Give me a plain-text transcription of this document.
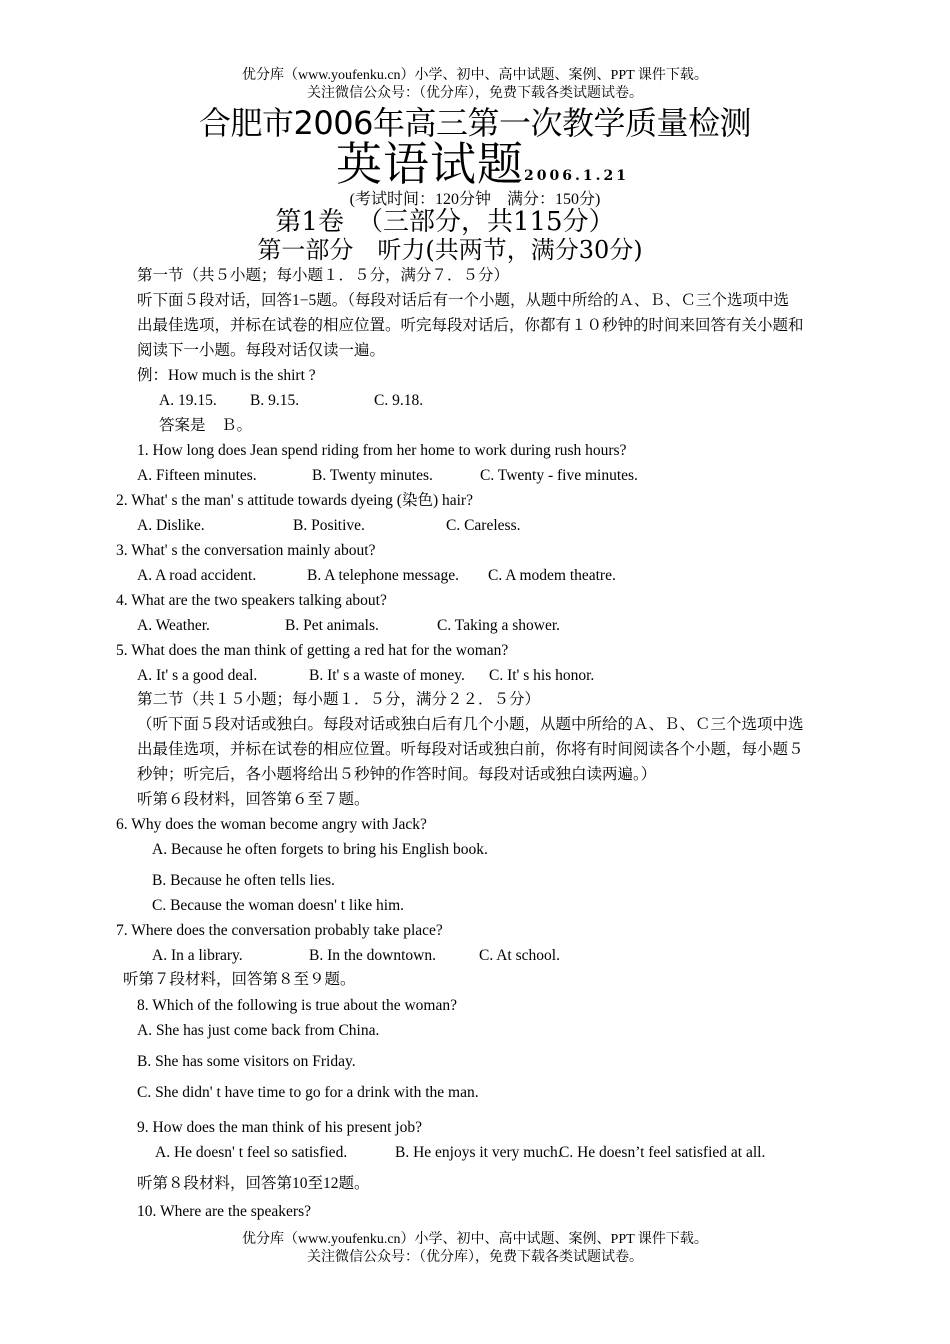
优分库（www.youfenku.cn）小学、初中、高中试题、案例、PPT 课件下载。
关注微信公众号：（优分库），免费下载各类试题试卷。
合肥市2006年高三第一次教学质量检测
英语试题2006.1.21
(考试时间：120分钟　满分：150分)
第1卷　（三部分，共115分）
第一部分　听力(共两节，满分30分)
第一节（共５小题；每小题１．５分，满分７．５分）
听下面５段对话，回答1−5题。（每段对话后有一个小题，从题中所给的Ａ、Ｂ、Ｃ三个选项中选
出最佳选项，并标在试卷的相应位置。听完每段对话后，你都有１０秒钟的时间来回答有关小题和
阅读下一小题。每段对话仅读一遍。
例：How much is the shirt ?
A. 19.15. B. 9.15.	C. 9.18.
答案是　Ｂ。
1. How long does Jean spend riding from her home to work during rush hours?
A. Fifteen minutes.	B. Twenty minutes.	C. Twenty - five minutes.
2. What' s the man' s attitude towards dyeing (染色) hair?
A. Dislike.	B. Positive.	C. Careless.
3. What' s the conversation mainly about?
A. A road accident.	B. A telephone message. C. A modem theatre.
4. What are the two speakers talking about?
A. Weather.	B. Pet animals.	C. Taking a shower.
5. What does the man think of getting a red hat for the woman?
A. It' s a good deal.	B. It' s a waste of money. C. It' s his honor.
第二节（共１５小题；每小题１．５分，满分２２．５分）
（听下面５段对话或独白。每段对话或独白后有几个小题，从题中所给的Ａ、Ｂ、Ｃ三个选项中选
出最佳选项，并标在试卷的相应位置。听每段对话或独白前，你将有时间阅读各个小题，每小题５
秒钟；听完后，各小题将给出５秒钟的作答时间。每段对话或独白读两遍。）
听第６段材料，回答第６至７题。
6. Why does the woman become angry with Jack?
A. Because he often forgets to bring his English book.
B. Because he often tells lies.
C. Because the woman doesn' t like him.
7. Where does the conversation probably take place?
A. In a library.	B. In the downtown.	C. At school.
听第７段材料，回答第８至９题。
8. Which of the following is true about the woman?
A. She has just come back from China.
B. She has some visitors on Friday.
C. She didn' t have time to go for a drink with the man.
9. How does the man think of his present job?
A. He doesn' t feel so satisfied.	B. He enjoys it very much.C. He doesn’t feel satisfied at all.
听第８段材料，回答第10至12题。
10. Where are the speakers?
优分库（www.youfenku.cn）小学、初中、高中试题、案例、PPT 课件下载。
关注微信公众号：（优分库），免费下载各类试题试卷。
